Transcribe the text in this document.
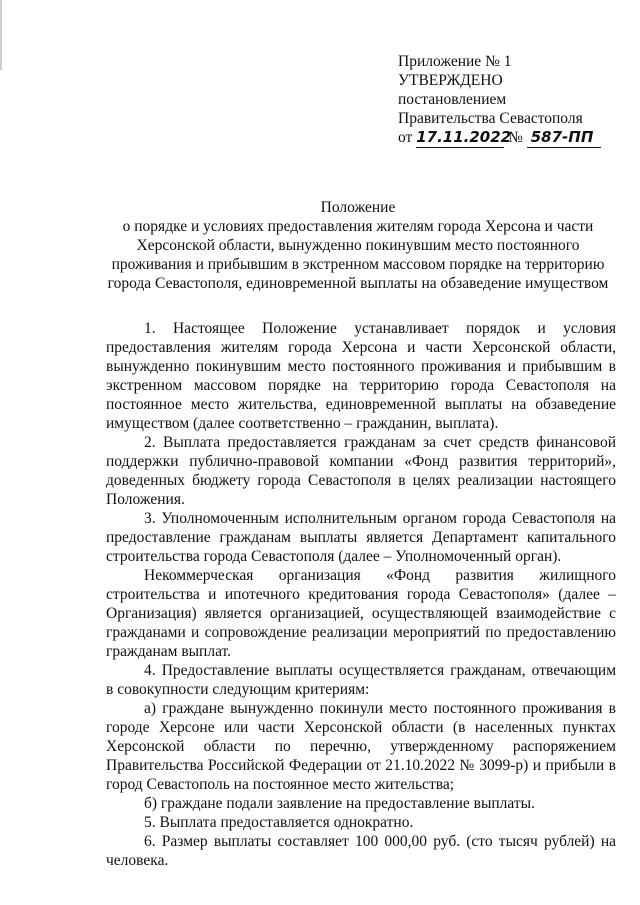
Приложение № 1
УТВЕРЖДЕНО
постановлением
Правительства Севастополя
от 17.11.2022 № 587-ПП
Положение
о порядке и условиях предоставления жителям города Херсона и части Херсонской области, вынужденно покинувшим место постоянного проживания и прибывшим в экстренном массовом порядке на территорию города Севастополя, единовременной выплаты на обзаведение имуществом

1. Настоящее Положение устанавливает порядок и условия предоставления жителям города Херсона и части Херсонской области, вынужденно покинувшим место постоянного проживания и прибывшим в экстренном массовом порядке на территорию города Севастополя на постоянное место жительства, единовременной выплаты на обзаведение имуществом (далее соответственно – гражданин, выплата).

2. Выплата предоставляется гражданам за счет средств финансовой поддержки публично-правовой компании «Фонд развития территорий», доведенных бюджету города Севастополя в целях реализации настоящего Положения.

3. Уполномоченным исполнительным органом города Севастополя на предоставление гражданам выплаты является Департамент капитального строительства города Севастополя (далее – Уполномоченный орган).

Некоммерческая организация «Фонд развития жилищного строительства и ипотечного кредитования города Севастополя» (далее – Организация) является организацией, осуществляющей взаимодействие с гражданами и сопровождение реализации мероприятий по предоставлению гражданам выплат.

4. Предоставление выплаты осуществляется гражданам, отвечающим в совокупности следующим критериям:

а) граждане вынужденно покинули место постоянного проживания в городе Херсоне или части Херсонской области (в населенных пунктах Херсонской области по перечню, утвержденному распоряжением Правительства Российской Федерации от 21.10.2022 № 3099-р) и прибыли в город Севастополь на постоянное место жительства;

б) граждане подали заявление на предоставление выплаты.

5. Выплата предоставляется однократно.

6. Размер выплаты составляет 100 000,00 руб. (сто тысяч рублей) на человека.
